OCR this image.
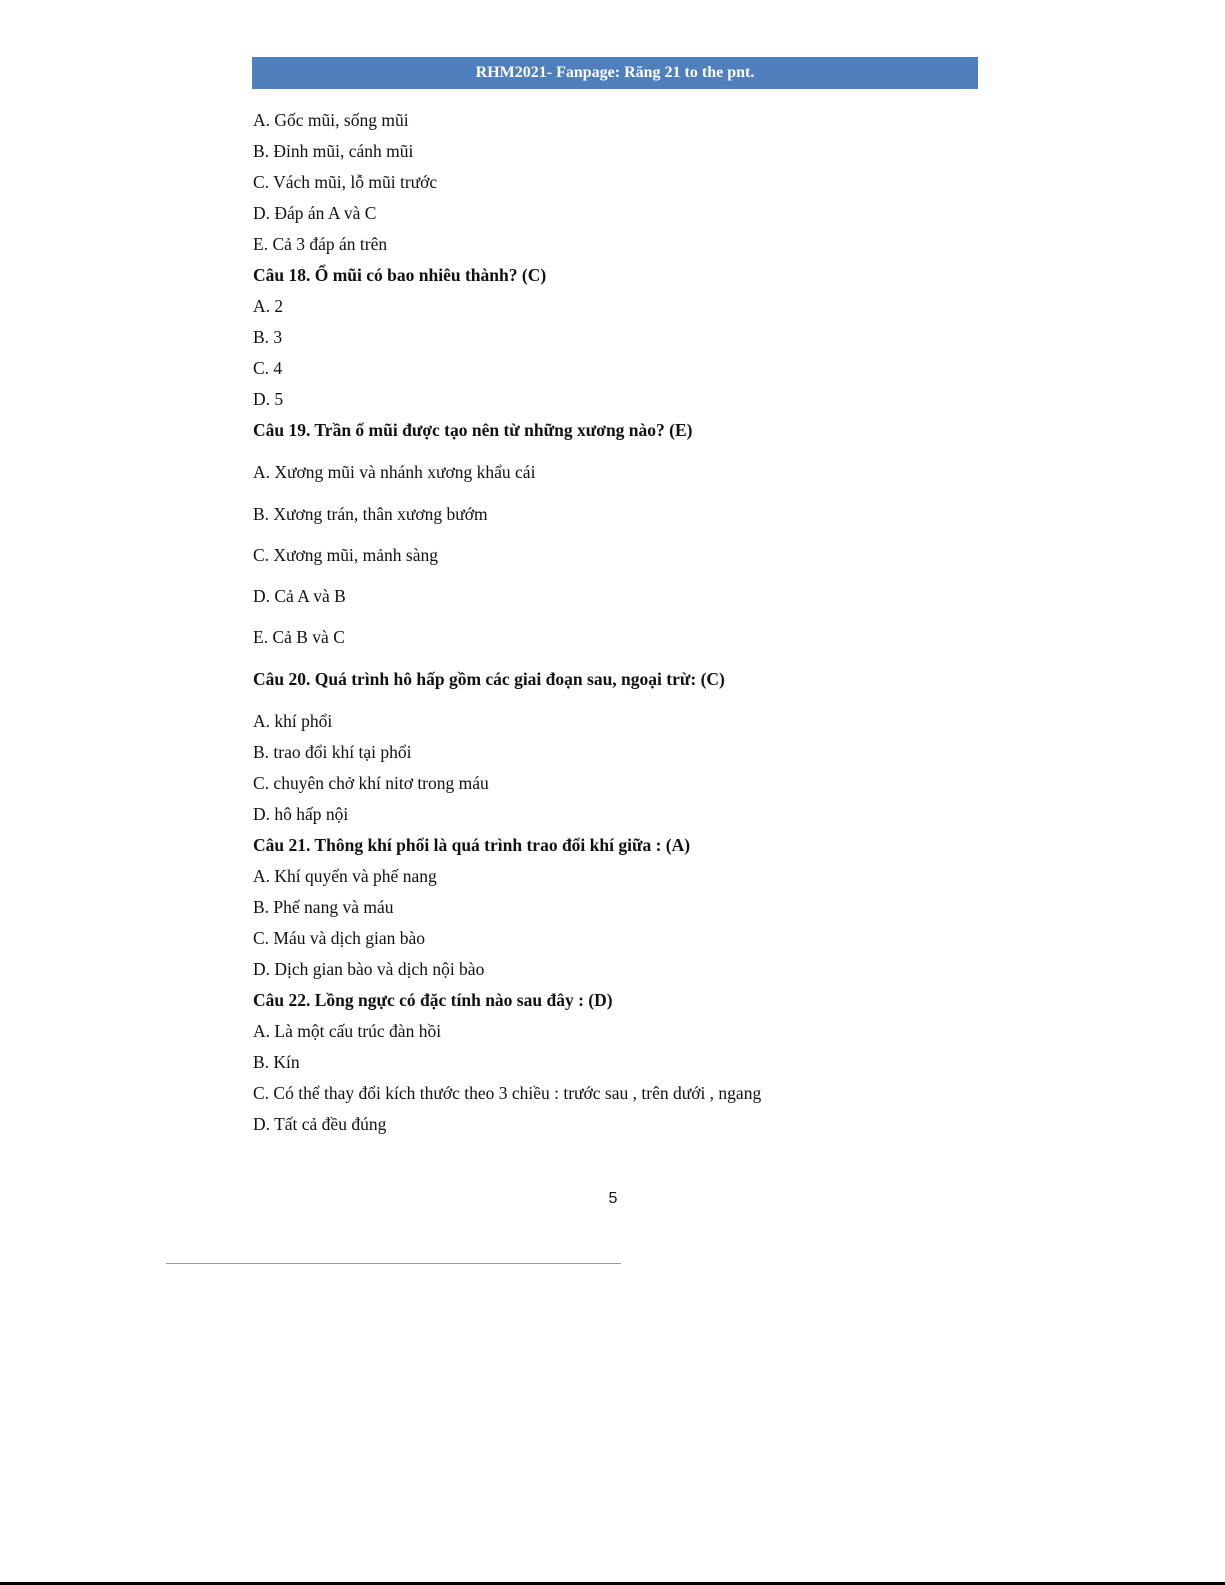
RHM2021- Fanpage: Răng 21 to the pnt.
A. Gốc mũi, sống mũi
B. Đỉnh mũi, cánh mũi
C. Vách mũi, lỗ mũi trước
D. Đáp án A và C
E. Cả 3 đáp án trên
Câu 18. Ổ mũi có bao nhiêu thành? (C)
A. 2
B. 3
C. 4
D. 5
Câu 19. Trần ổ mũi được tạo nên từ những xương nào? (E)
A. Xương mũi và nhánh xương khẩu cái
B. Xương trán, thân xương bướm
C. Xương mũi, mảnh sàng
D. Cả A và B
E. Cả B và C
Câu 20. Quá trình hô hấp gồm các giai đoạn sau, ngoại trừ: (C)
A. khí phổi
B. trao đổi khí tại phổi
C. chuyên chở khí nitơ trong máu
D. hô hấp nội
Câu 21. Thông khí phổi là quá trình trao đổi khí giữa : (A)
A. Khí quyển và phế nang
B. Phế nang và máu
C. Máu và dịch gian bào
D. Dịch gian bào và dịch nội bào
Câu 22. Lồng ngực có đặc tính nào sau đây : (D)
A. Là một cấu trúc đàn hồi
B. Kín
C. Có thể thay đổi kích thước theo 3 chiều : trước sau , trên dưới , ngang
D. Tất cả đều đúng
5
